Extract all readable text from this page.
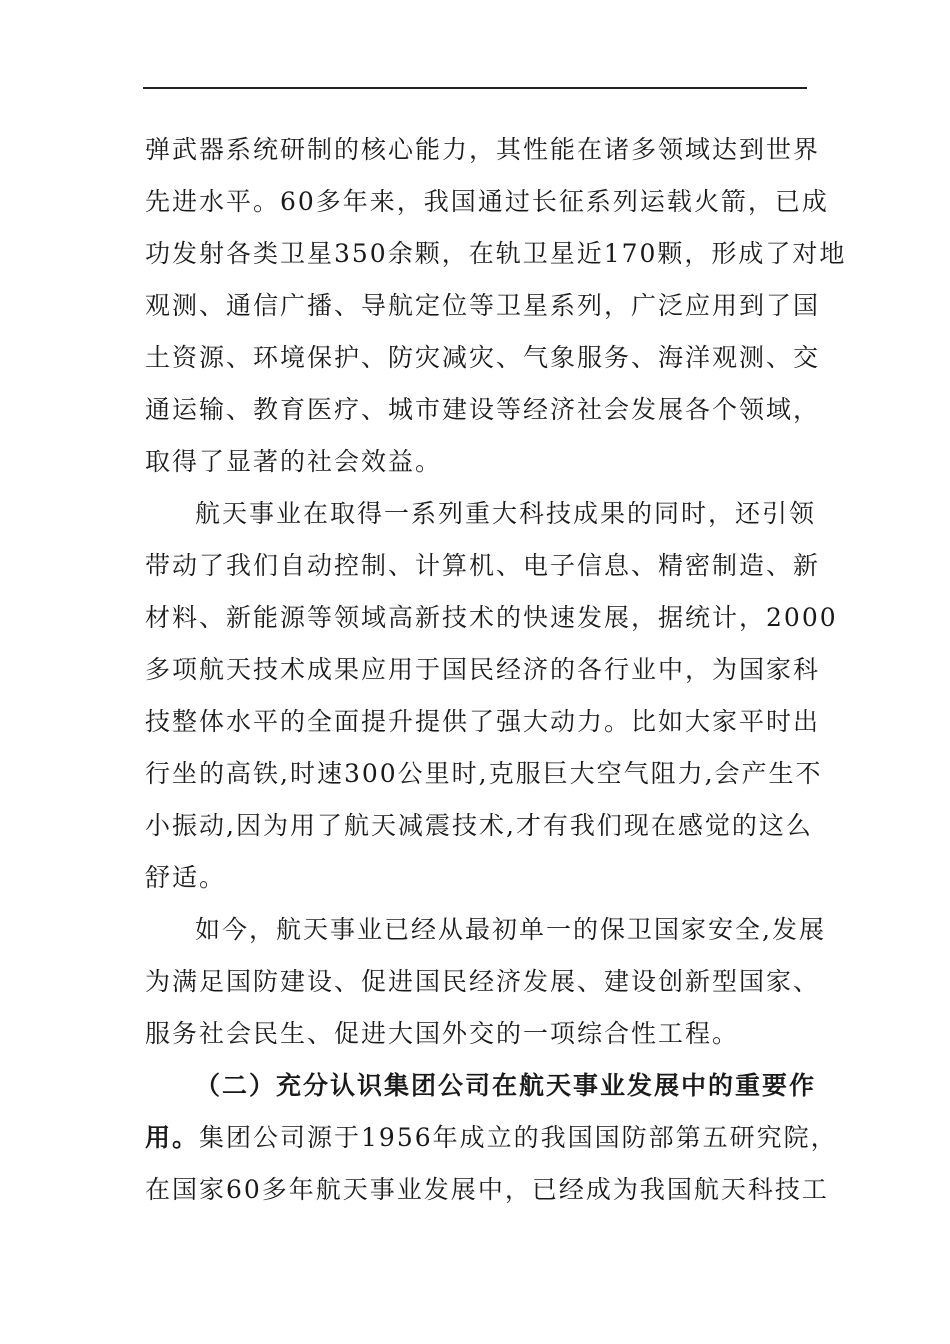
弹武器系统研制的核心能力，其性能在诸多领域达到世界
先进水平。60多年来，我国通过长征系列运载火箭，已成
功发射各类卫星350余颗，在轨卫星近170颗，形成了对地
观测、通信广播、导航定位等卫星系列，广泛应用到了国
土资源、环境保护、防灾减灾、气象服务、海洋观测、交
通运输、教育医疗、城市建设等经济社会发展各个领域，
取得了显著的社会效益。
航天事业在取得一系列重大科技成果的同时，还引领
带动了我们自动控制、计算机、电子信息、精密制造、新
材料、新能源等领域高新技术的快速发展，据统计，2000
多项航天技术成果应用于国民经济的各行业中，为国家科
技整体水平的全面提升提供了强大动力。比如大家平时出
行坐的高铁,时速300公里时,克服巨大空气阻力,会产生不
小振动,因为用了航天减震技术,才有我们现在感觉的这么
舒适。
如今，航天事业已经从最初单一的保卫国家安全,发展
为满足国防建设、促进国民经济发展、建设创新型国家、
服务社会民生、促进大国外交的一项综合性工程。
（二）充分认识集团公司在航天事业发展中的重要作
用。集团公司源于1956年成立的我国国防部第五研究院，
在国家60多年航天事业发展中，已经成为我国航天科技工
